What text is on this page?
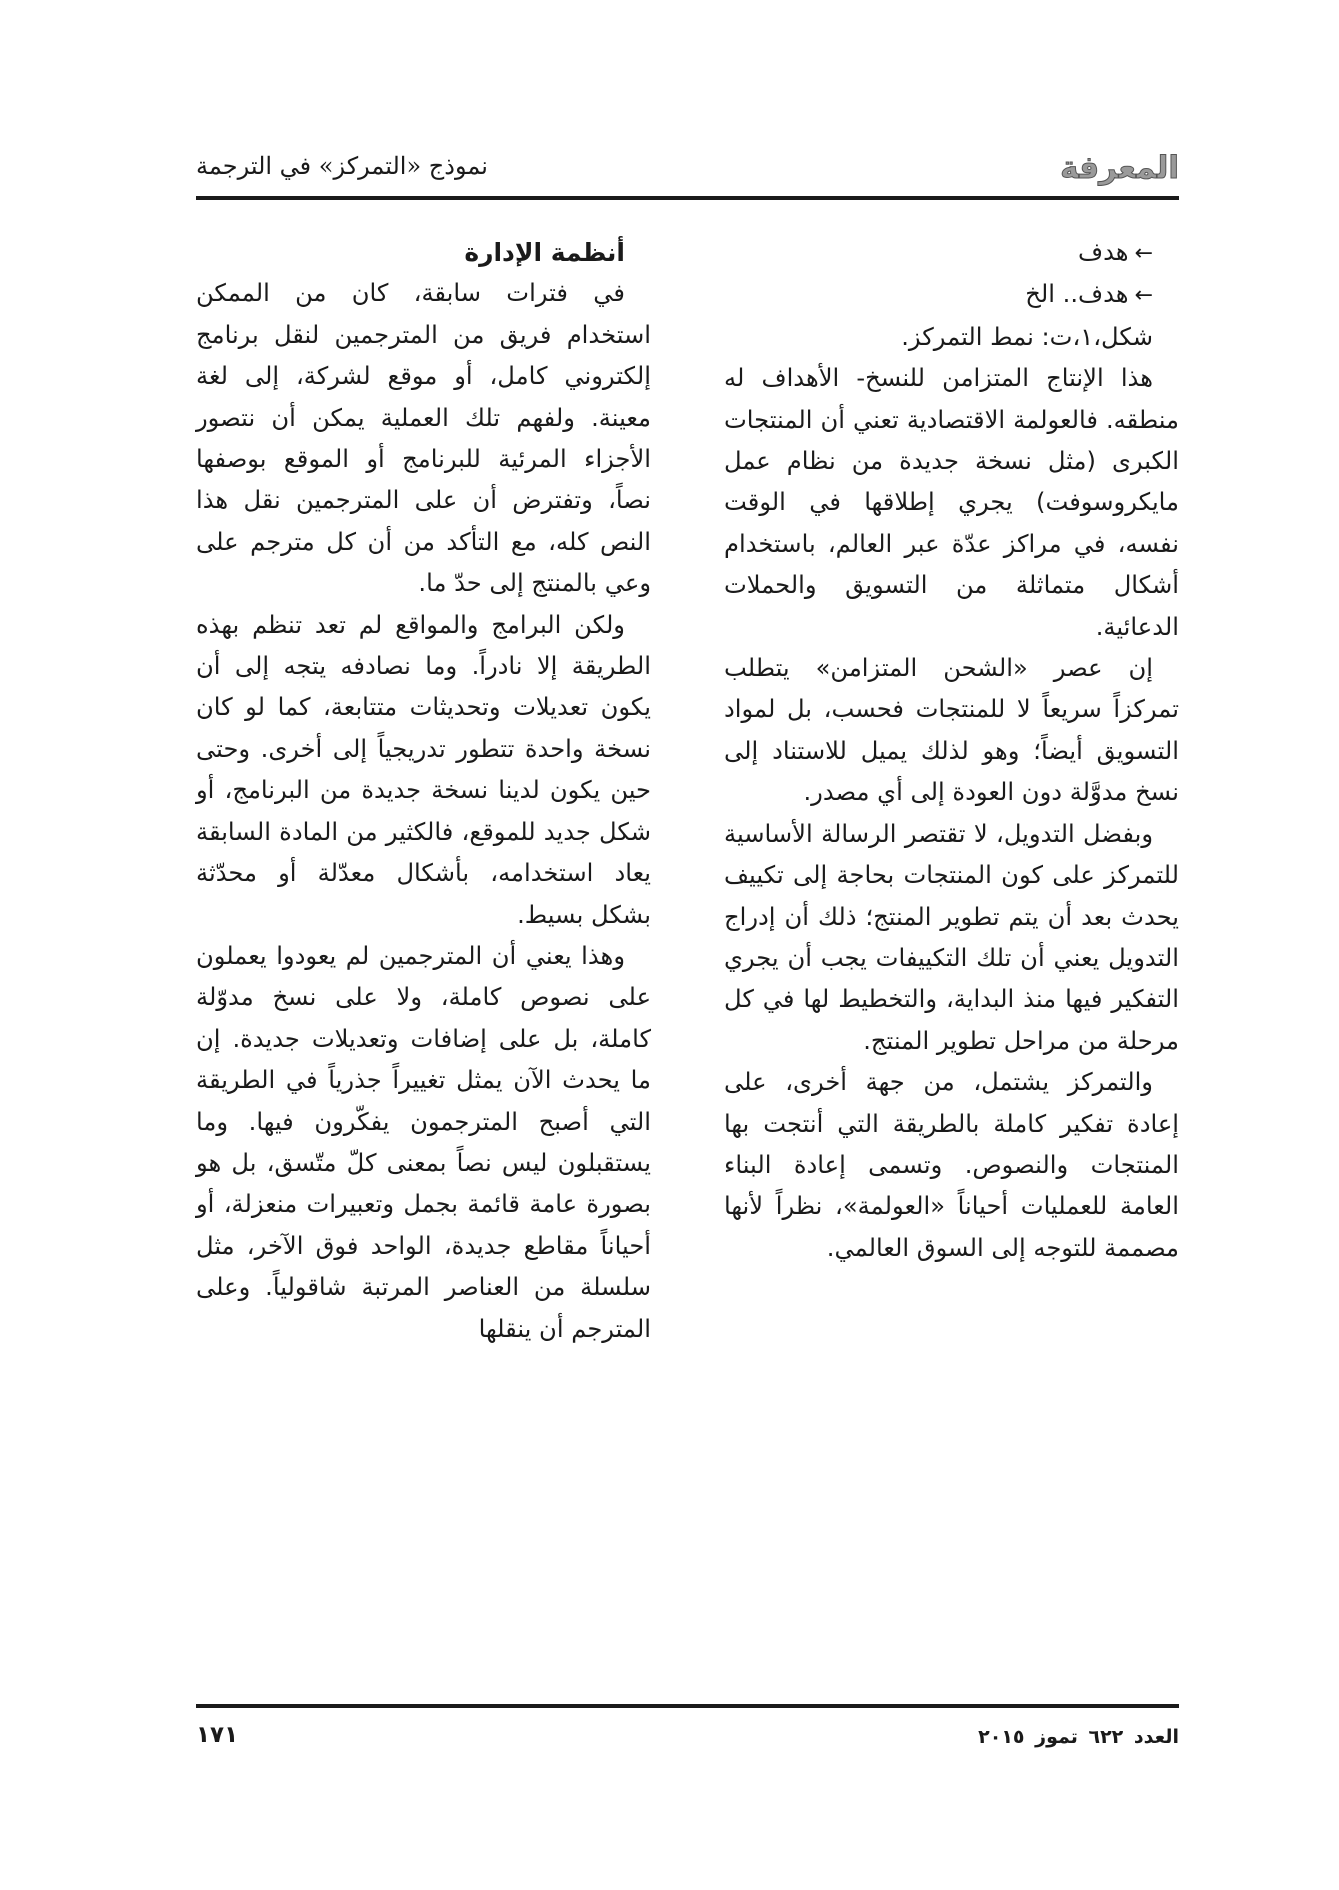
المعرفة
نموذج «التمركز» في الترجمة

←هدف

←هدف.. الخ

شكل،١،ت: نمط التمركز.

هذا الإنتاج المتزامن للنسخ- الأهداف له منطقه. فالعولمة الاقتصادية تعني أن المنتجات الكبرى (مثل نسخة جديدة من نظام عمل مايكروسوفت) يجري إطلاقها في الوقت نفسه، في مراكز عدّة عبر العالم، باستخدام أشكال متماثلة من التسويق والحملات الدعائية.

إن عصر «الشحن المتزامن» يتطلب تمركزاً سريعاً لا للمنتجات فحسب، بل لمواد التسويق أيضاً؛ وهو لذلك يميل للاستناد إلى نسخ مدوَّلة دون العودة إلى أي مصدر.

وبفضل التدويل، لا تقتصر الرسالة الأساسية للتمركز على كون المنتجات بحاجة إلى تكييف يحدث بعد أن يتم تطوير المنتج؛ ذلك أن إدراج التدويل يعني أن تلك التكييفات يجب أن يجري التفكير فيها منذ البداية، والتخطيط لها في كل مرحلة من مراحل تطوير المنتج.

والتمركز يشتمل، من جهة أخرى، على إعادة تفكير كاملة بالطريقة التي أنتجت بها المنتجات والنصوص. وتسمى إعادة البناء العامة للعمليات أحياناً «العولمة»، نظراً لأنها مصممة للتوجه إلى السوق العالمي.

أنظمة الإدارة

في فترات سابقة، كان من الممكن استخدام فريق من المترجمين لنقل برنامج إلكتروني كامل، أو موقع لشركة، إلى لغة معينة. ولفهم تلك العملية يمكن أن نتصور الأجزاء المرئية للبرنامج أو الموقع بوصفها نصاً، وتفترض أن على المترجمين نقل هذا النص كله، مع التأكد من أن كل مترجم على وعي بالمنتج إلى حدّ ما.

ولكن البرامج والمواقع لم تعد تنظم بهذه الطريقة إلا نادراً. وما نصادفه يتجه إلى أن يكون تعديلات وتحديثات متتابعة، كما لو كان نسخة واحدة تتطور تدريجياً إلى أخرى. وحتى حين يكون لدينا نسخة جديدة من البرنامج، أو شكل جديد للموقع، فالكثير من المادة السابقة يعاد استخدامه، بأشكال معدّلة أو محدّثة بشكل بسيط.

وهذا يعني أن المترجمين لم يعودوا يعملون على نصوص كاملة، ولا على نسخ مدوّلة كاملة، بل على إضافات وتعديلات جديدة. إن ما يحدث الآن يمثل تغييراً جذرياً في الطريقة التي أصبح المترجمون يفكّرون فيها. وما يستقبلون ليس نصاً بمعنى كلّ متّسق، بل هو بصورة عامة قائمة بجمل وتعبيرات منعزلة، أو أحياناً مقاطع جديدة، الواحد فوق الآخر، مثل سلسلة من العناصر المرتبة شاقولياً. وعلى المترجم أن ينقلها

العدد ٦٢٢ تموز ٢٠١٥
١٧١
